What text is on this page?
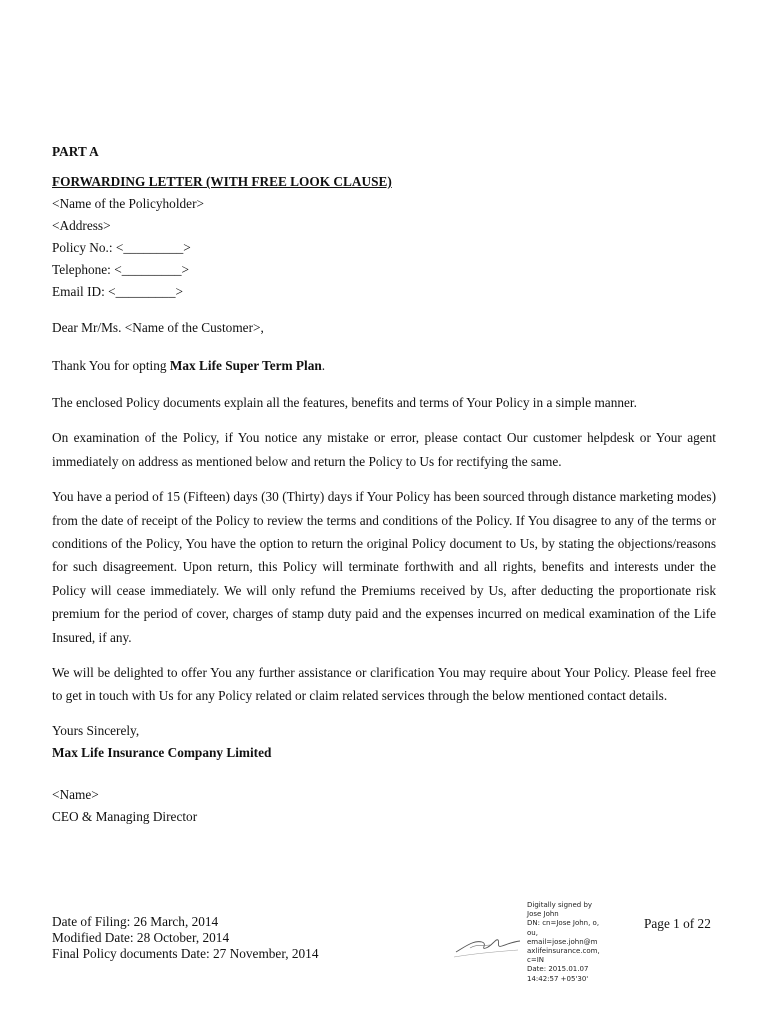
PART A
FORWARDING LETTER (WITH FREE LOOK CLAUSE)
<Name of the Policyholder>
<Address>
Policy No.: <_________>
Telephone: <_________>
Email ID: <_________>
Dear Mr/Ms. <Name of the Customer>,
Thank You for opting Max Life Super Term Plan.

The enclosed Policy documents explain all the features, benefits and terms of Your Policy in a simple manner.

On examination of the Policy, if You notice any mistake or error, please contact Our customer helpdesk or Your agent immediately on address as mentioned below and return the Policy to Us for rectifying the same.

You have a period of 15 (Fifteen) days (30 (Thirty) days if Your Policy has been sourced through distance marketing modes) from the date of receipt of the Policy to review the terms and conditions of the Policy. If You disagree to any of the terms or conditions of the Policy, You have the option to return the original Policy document to Us, by stating the objections/reasons for such disagreement. Upon return, this Policy will terminate forthwith and all rights, benefits and interests under the Policy will cease immediately. We will only refund the Premiums received by Us, after deducting the proportionate risk premium for the period of cover, charges of stamp duty paid and the expenses incurred on medical examination of the Life Insured, if any.

We will be delighted to offer You any further assistance or clarification You may require about Your Policy. Please feel free to get in touch with Us for any Policy related or claim related services through the below mentioned contact details.

Yours Sincerely,
Max Life Insurance Company Limited
<Name>
CEO & Managing Director
Date of Filing: 26 March, 2014
Modified Date: 28 October, 2014
Final Policy documents Date: 27 November, 2014
Digitally signed by
Jose John
DN: cn=Jose John, o,
ou,
email=jose.john@m
axlifeinsurance.com,
c=IN
Date: 2015.01.07
14:42:57 +05'30'
Page 1 of 22
